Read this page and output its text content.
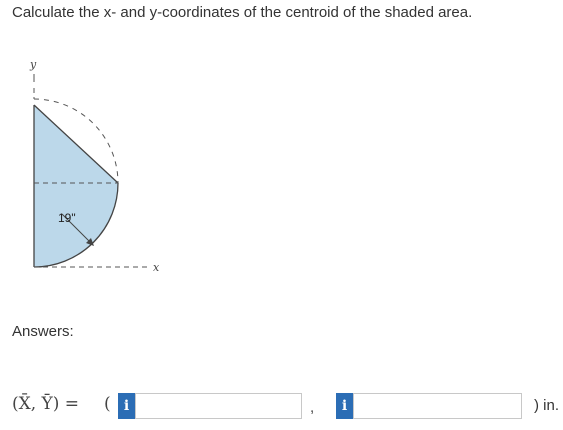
Calculate the x- and y-coordinates of the centroid of the shaded area.
19"
y
x
Answers:
(X̄, Ȳ) = ( i	,	i	) in.
